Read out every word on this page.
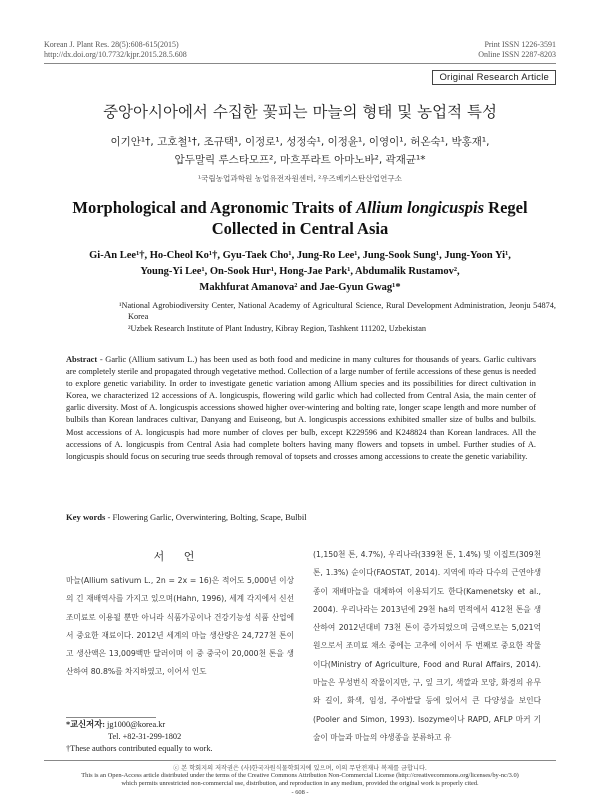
Korean J. Plant Res. 28(5):608-615(2015)
http://dx.doi.org/10.7732/kjpr.2015.28.5.608
Print ISSN 1226-3591
Online ISSN 2287-8203
Original Research Article
중앙아시아에서 수집한 꽃피는 마늘의 형태 및 농업적 특성
이기안¹†, 고호철¹†, 조규택¹, 이정로¹, 성정숙¹, 이정윤¹, 이영이¹, 허온숙¹, 박홍재¹,
압두말릭 루스타모프², 마흐푸라트 아마노바², 곽재균¹*
¹국립농업과학원 농업유전자원센터, ²우즈베키스탄산업연구소
Morphological and Agronomic Traits of Allium longicuspis Regel
Collected in Central Asia
Gi-An Lee¹†, Ho-Cheol Ko¹†, Gyu-Taek Cho¹, Jung-Ro Lee¹, Jung-Sook Sung¹, Jung-Yoon Yi¹,
Young-Yi Lee¹, On-Sook Hur¹, Hong-Jae Park¹, Abdumalik Rustamov²,
Makhfurat Amanova² and Jae-Gyun Gwag¹*
¹National Agrobiodiversity Center, National Academy of Agricultural Science, Rural Development Administration, Jeonju 54874, Korea
²Uzbek Research Institute of Plant Industry, Kibray Region, Tashkent 111202, Uzbekistan
Abstract - Garlic (Allium sativum L.) has been used as both food and medicine in many cultures for thousands of years. Garlic cultivars are completely sterile and propagated through vegetative method. Collection of a large number of fertile accessions of these genus is needed to explore genetic variability. In order to investigate genetic variation among Allium species and its possibilities for direct cultivation in Korea, we characterized 12 accessions of A. longicuspis, flowering wild garlic which had collected from Central Asia, the main center of garlic diversity. Most of A. longicuspis accessions showed higher over-wintering and bolting rate, longer scape length and more number of bulbils than Korean landraces cultivar, Danyang and Euiseong, but A. longicuspis accessions exhibited smaller size of bulbs and bulbils. Most accessions of A. longicuspis had more number of cloves per bulb, except K229596 and K248824 than Korean landraces. All the accessions of A. longicuspis from Central Asia had complete bolters having many flowers and topsets in umbel. Further studies of A. longicuspis should focus on securing true seeds through removal of topsets and crosses among accessions to create the genetic variability.
Key words - Flowering Garlic, Overwintering, Bolting, Scape, Bulbil
서 언
마늘(Allium sativum L., 2n = 2x = 16)은 적어도 5,000년 이상의 긴 재배역사를 가지고 있으며(Hahn, 1996), 세계 각지에서 신선조미료로 이용될 뿐만 아니라 식품가공이나 건강기능성 식품 산업에서 중요한 재료이다. 2012년 세계의 마늘 생산량은 24,727천 톤이고 생산액은 13,009백만 달러이며 이 중 중국이 20,000천 톤을 생산하여 80.8%를 차지하였고, 이어서 인도
(1,150천 톤, 4.7%), 우리나라(339천 톤, 1.4%) 및 이집트(309천 톤, 1.3%) 순이다(FAOSTAT, 2014). 지역에 따라 다수의 근연야생종이 재배마늘을 대체하여 이용되기도 한다(Kamenetsky et al., 2004). 우리나라는 2013년에 29천 ha의 면적에서 412천 톤을 생산하여 2012년대비 73천 톤이 증가되었으며 금액으로는 5,021억 원으로서 조미료 채소 중에는 고추에 이어서 두 번째로 중요한 작물이다(Ministry of Agriculture, Food and Rural Affairs, 2014). 마늘은 무성번식 작물이지만, 구, 잎 크기, 색깔과 모양, 화경의 유무와 길이, 화색, 임성, 주아발달 등에 있어서 큰 다양성을 보인다(Pooler and Simon, 1993). Isozyme이나 RAPD, AFLP 마커 기술이 마늘과 마늘의 야생종을 분류하고 유
*교신저자: jg1000@korea.kr
Tel. +82-31-299-1802
†These authors contributed equally to work.
ⓒ 본 학회지의 저작권은 (사)한국자원식물학회지에 있으며, 이의 무단전재나 복제를 금합니다.
This is an Open-Access article distributed under the terms of the Creative Commons Attribution Non-Commercial License (http://creativecommons.org/licenses/by-nc/3.0)
which permits unrestricted non-commercial use, distribution, and reproduction in any medium, provided the original work is properly cited.
- 608 -
